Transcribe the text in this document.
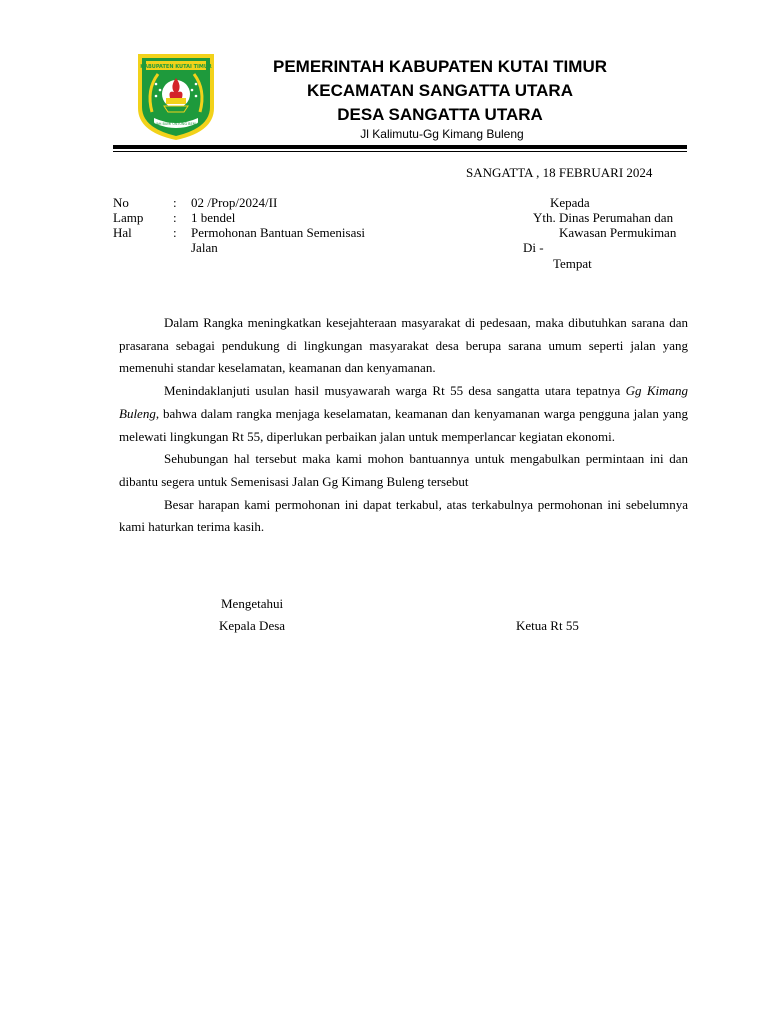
KABUPATEN KUTAI TIMUR
TUAH BUMI UNTUNG BENUA
PEMERINTAH KABUPATEN KUTAI TIMUR
KECAMATAN SANGATTA UTARA
DESA SANGATTA UTARA
Jl Kalimutu-Gg Kimang Buleng
SANGATTA , 18 FEBRUARI 2024
No	: 02 /Prop/2024/II
Lamp : 1 bendel
Hal	: Permohonan Bantuan Semenisasi
Jalan
Kepada
Yth. Dinas Perumahan dan
Kawasan Permukiman
Di -
Tempat

Dalam Rangka meningkatkan kesejahteraan masyarakat di pedesaan, maka dibutuhkan sarana dan prasarana sebagai pendukung di lingkungan masyarakat desa berupa sarana umum seperti jalan yang memenuhi standar keselamatan, keamanan dan kenyamanan.

Menindaklanjuti usulan hasil musyawarah warga Rt 55 desa sangatta utara tepatnya Gg Kimang Buleng, bahwa dalam rangka menjaga keselamatan, keamanan dan kenyamanan warga pengguna jalan yang melewati lingkungan Rt 55, diperlukan perbaikan jalan untuk memperlancar kegiatan ekonomi.

Sehubungan hal tersebut maka kami mohon bantuannya untuk mengabulkan permintaan ini dan dibantu segera untuk Semenisasi Jalan Gg Kimang Buleng tersebut

Besar harapan kami permohonan ini dapat terkabul, atas terkabulnya permohonan ini sebelumnya kami haturkan terima kasih.

Mengetahui
Kepala Desa	Ketua Rt 55
